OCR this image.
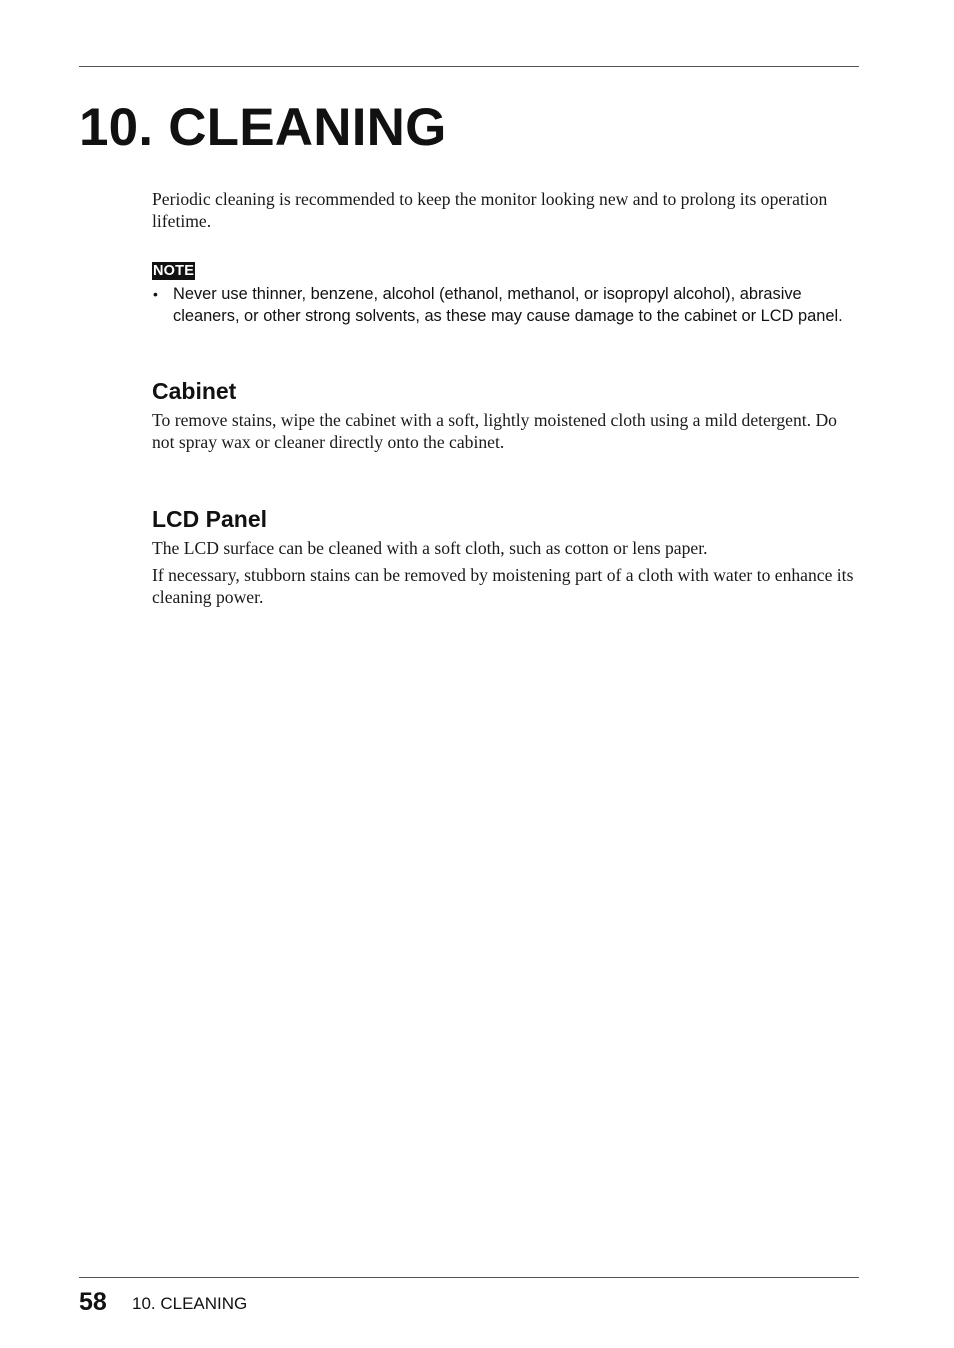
10. CLEANING

Periodic cleaning is recommended to keep the monitor looking new and to prolong its operation lifetime.

NOTE
• Never use thinner, benzene, alcohol (ethanol, methanol, or isopropyl alcohol), abrasive cleaners, or other strong solvents, as these may cause damage to the cabinet or LCD panel.
Cabinet

To remove stains, wipe the cabinet with a soft, lightly moistened cloth using a mild detergent. Do not spray wax or cleaner directly onto the cabinet.

LCD Panel

The LCD surface can be cleaned with a soft cloth, such as cotton or lens paper.

If necessary, stubborn stains can be removed by moistening part of a cloth with water to enhance its cleaning power.

58 10. CLEANING
